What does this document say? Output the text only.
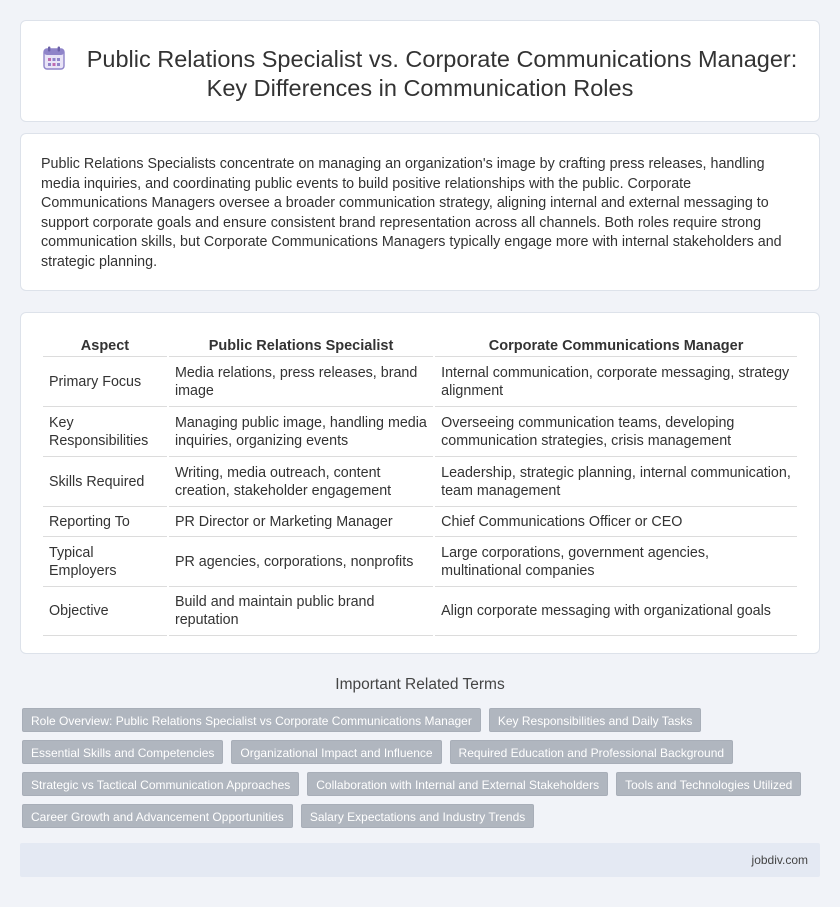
Public Relations Specialist vs. Corporate Communications Manager: Key Differences in Communication Roles

Public Relations Specialists concentrate on managing an organization's image by crafting press releases, handling media inquiries, and coordinating public events to build positive relationships with the public. Corporate Communications Managers oversee a broader communication strategy, aligning internal and external messaging to support corporate goals and ensure consistent brand representation across all channels. Both roles require strong communication skills, but Corporate Communications Managers typically engage more with internal stakeholders and strategic planning.

Aspect	Public Relations Specialist	Corporate Communications Manager
Primary Focus	Media relations, press releases, brand image	Internal communication, corporate messaging, strategy alignment
Key Responsibilities	Managing public image, handling media inquiries, organizing events	Overseeing communication teams, developing communication strategies, crisis management
Skills Required	Writing, media outreach, content creation, stakeholder engagement	Leadership, strategic planning, internal communication, team management
Reporting To	PR Director or Marketing Manager	Chief Communications Officer or CEO
Typical Employers	PR agencies, corporations, nonprofits	Large corporations, government agencies, multinational companies
Objective	Build and maintain public brand reputation	Align corporate messaging with organizational goals
Important Related Terms
Role Overview: Public Relations Specialist vs Corporate Communications Manager	Key Responsibilities and Daily Tasks
Essential Skills and Competencies	Organizational Impact and Influence	Required Education and Professional Background
Strategic vs Tactical Communication Approaches	Collaboration with Internal and External Stakeholders	Tools and Technologies Utilized
Career Growth and Advancement Opportunities	Salary Expectations and Industry Trends
jobdiv.com
